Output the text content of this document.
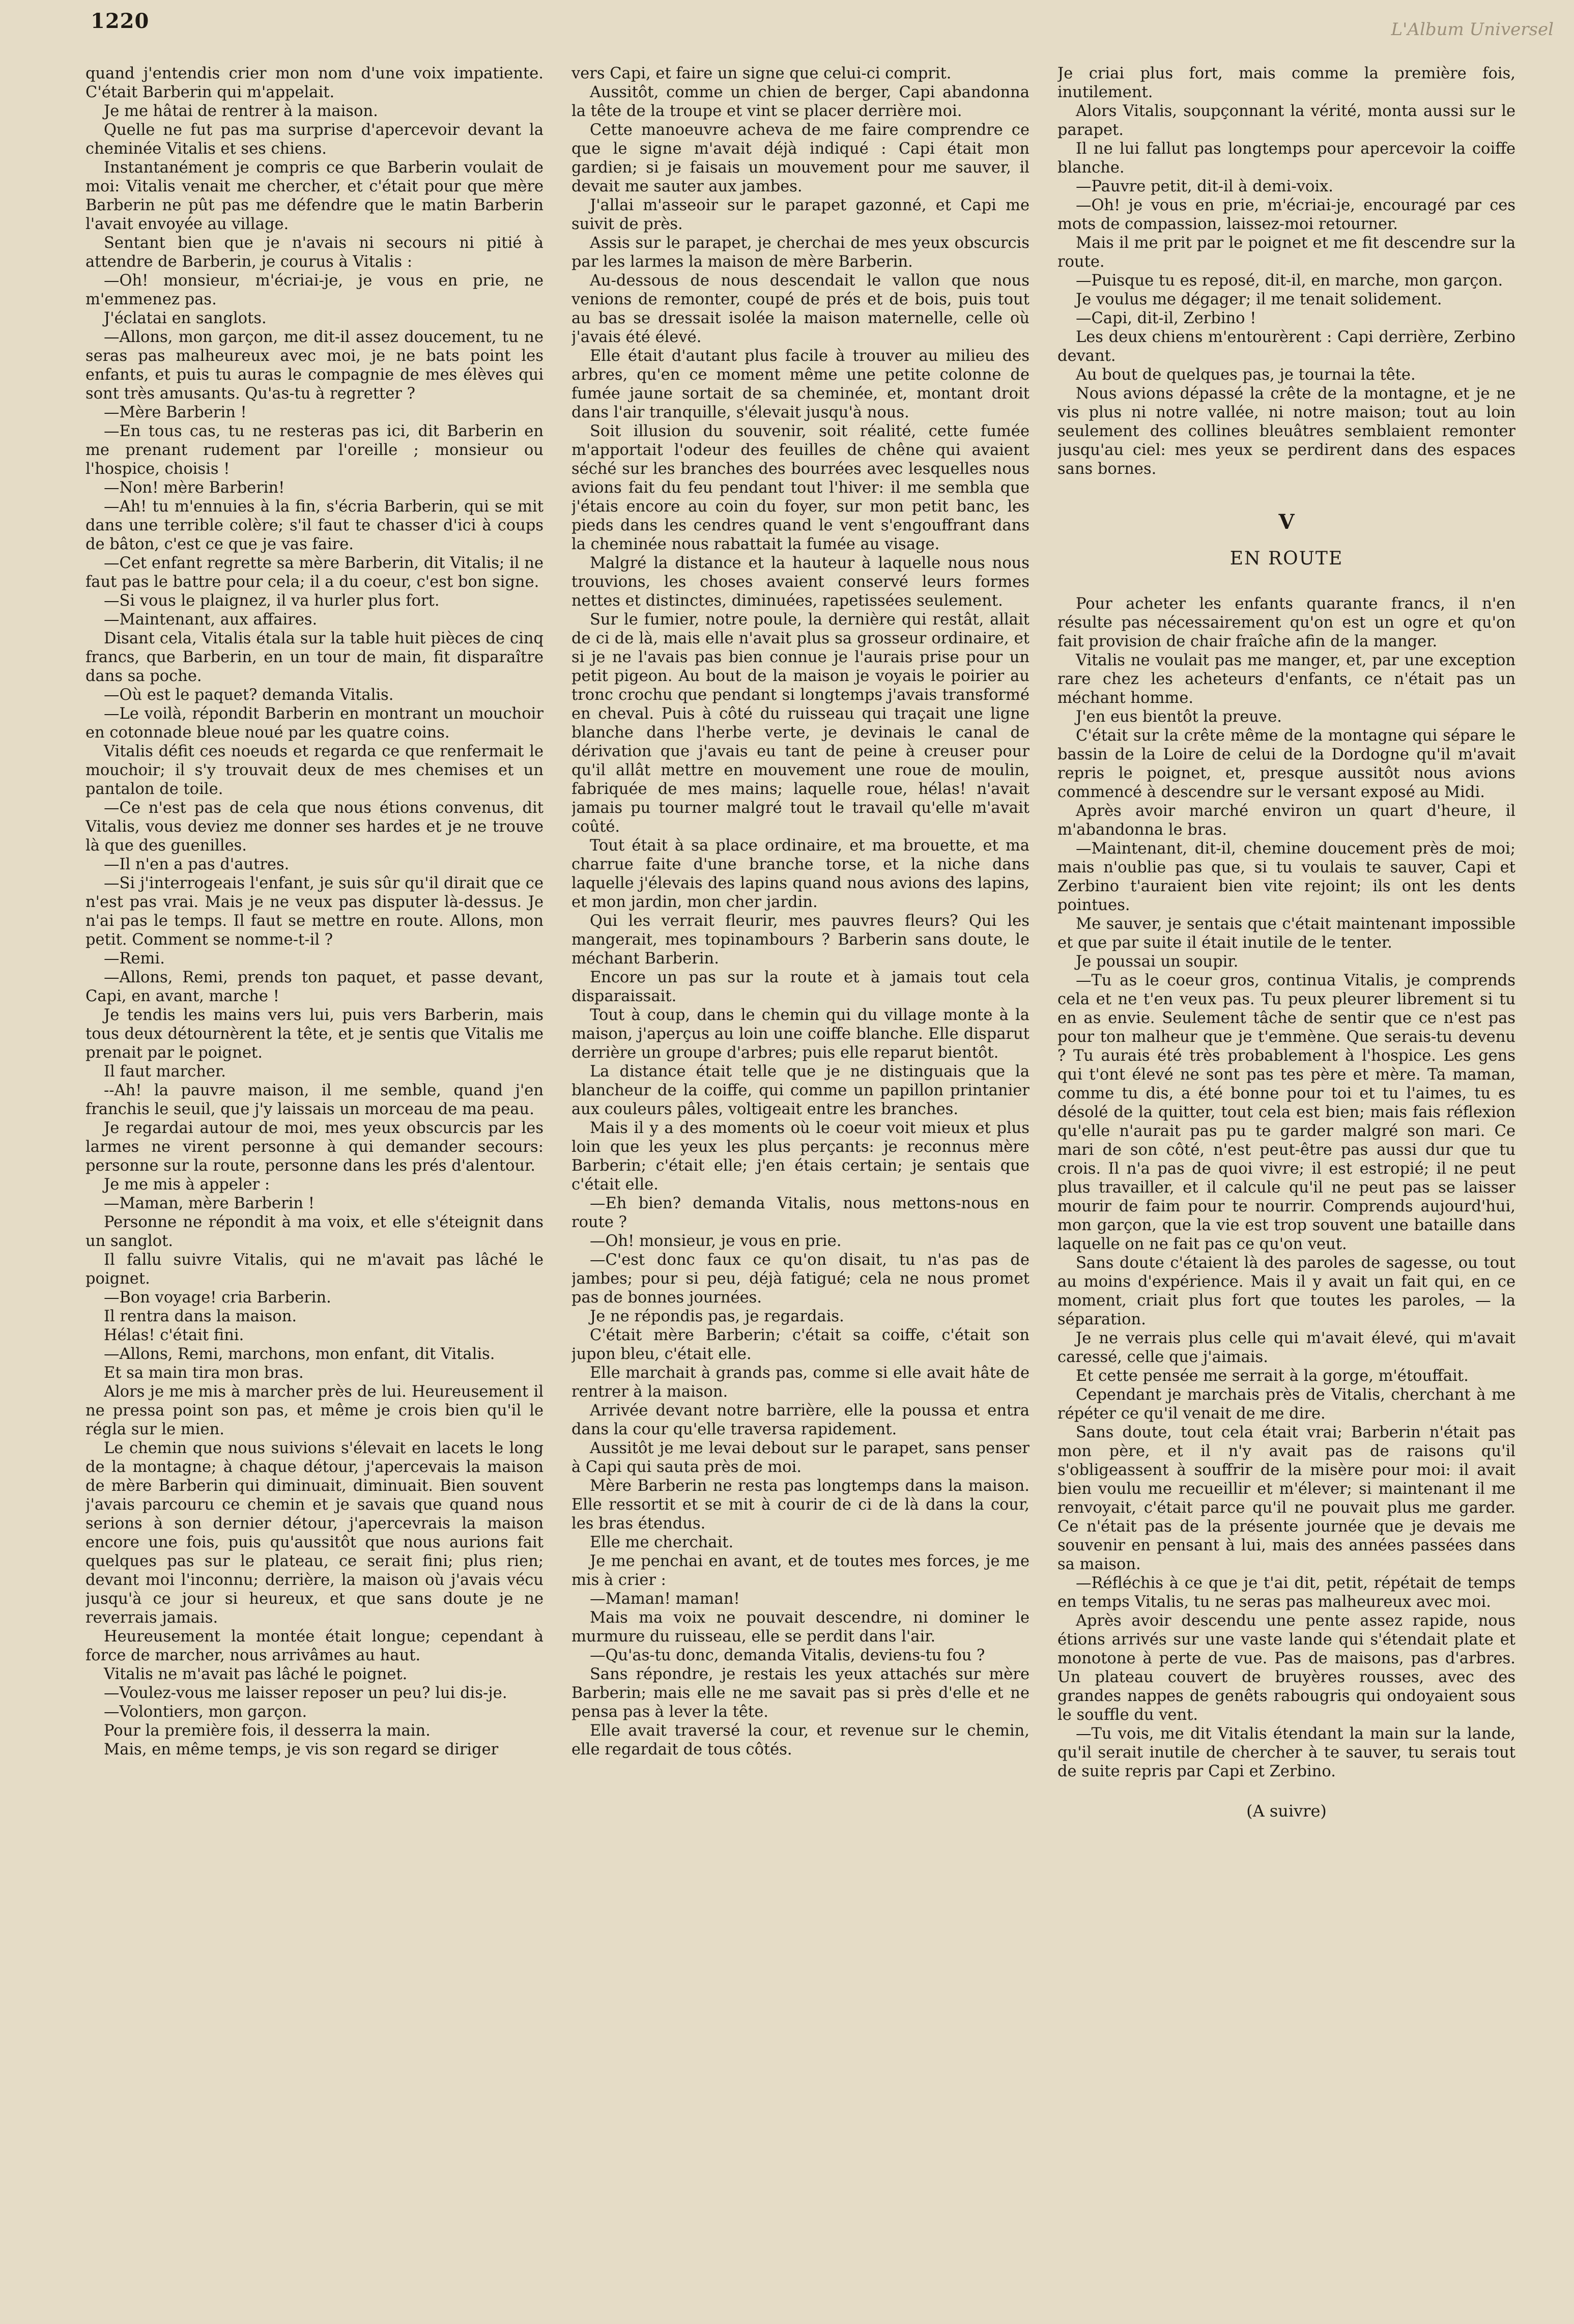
1220	L'Album Universel

quand j'entendis crier mon nom d'une voix impatiente. C'était Barberin qui m'appelait.

Je me hâtai de rentrer à la maison.

Quelle ne fut pas ma surprise d'apercevoir devant la cheminée Vitalis et ses chiens.

Instantanément je compris ce que Barberin voulait de moi: Vitalis venait me chercher, et c'était pour que mère Barberin ne pût pas me défendre que le matin Barberin l'avait envoyée au village.

Sentant bien que je n'avais ni secours ni pitié à attendre de Barberin, je courus à Vitalis :

—Oh! monsieur, m'écriai-je, je vous en prie, ne m'emmenez pas.

J'éclatai en sanglots.

—Allons, mon garçon, me dit-il assez doucement, tu ne seras pas malheureux avec moi, je ne bats point les enfants, et puis tu auras le compagnie de mes élèves qui sont très amusants. Qu'as-tu à regretter ?

—Mère Barberin !

—En tous cas, tu ne resteras pas ici, dit Barberin en me prenant rudement par l'oreille ; monsieur ou l'hospice, choisis !

—Non! mère Barberin!

—Ah! tu m'ennuies à la fin, s'écria Barberin, qui se mit dans une terrible colère; s'il faut te chasser d'ici à coups de bâton, c'est ce que je vas faire.

—Cet enfant regrette sa mère Barberin, dit Vitalis; il ne faut pas le battre pour cela; il a du coeur, c'est bon signe.

—Si vous le plaignez, il va hurler plus fort.

—Maintenant, aux affaires.

Disant cela, Vitalis étala sur la table huit pièces de cinq francs, que Barberin, en un tour de main, fit disparaître dans sa poche.

—Où est le paquet? demanda Vitalis.

—Le voilà, répondit Barberin en montrant un mouchoir en cotonnade bleue noué par les quatre coins.

Vitalis défit ces noeuds et regarda ce que renfermait le mouchoir; il s'y trouvait deux de mes chemises et un pantalon de toile.

—Ce n'est pas de cela que nous étions convenus, dit Vitalis, vous deviez me donner ses hardes et je ne trouve là que des guenilles.

—Il n'en a pas d'autres.

—Si j'interrogeais l'enfant, je suis sûr qu'il dirait que ce n'est pas vrai. Mais je ne veux pas disputer là-dessus. Je n'ai pas le temps. Il faut se mettre en route. Allons, mon petit. Comment se nomme-t-il ?

—Remi.

—Allons, Remi, prends ton paquet, et passe devant, Capi, en avant, marche !

Je tendis les mains vers lui, puis vers Barberin, mais tous deux détournèrent la tête, et je sentis que Vitalis me prenait par le poignet.

Il faut marcher.

--Ah! la pauvre maison, il me semble, quand j'en franchis le seuil, que j'y laissais un morceau de ma peau.

Je regardai autour de moi, mes yeux obscurcis par les larmes ne virent personne à qui demander secours: personne sur la route, personne dans les prés d'alentour.

Je me mis à appeler :

—Maman, mère Barberin !

Personne ne répondit à ma voix, et elle s'éteignit dans un sanglot.

Il fallu suivre Vitalis, qui ne m'avait pas lâché le poignet.

—Bon voyage! cria Barberin.

Il rentra dans la maison.

Hélas! c'était fini.

—Allons, Remi, marchons, mon enfant, dit Vitalis.

Et sa main tira mon bras.

Alors je me mis à marcher près de lui. Heureusement il ne pressa point son pas, et même je crois bien qu'il le régla sur le mien.

Le chemin que nous suivions s'élevait en lacets le long de la montagne; à chaque détour, j'apercevais la maison de mère Barberin qui diminuait, diminuait. Bien souvent j'avais parcouru ce chemin et je savais que quand nous serions à son dernier détour, j'apercevrais la maison encore une fois, puis qu'aussitôt que nous aurions fait quelques pas sur le plateau, ce serait fini; plus rien; devant moi l'inconnu; derrière, la maison où j'avais vécu jusqu'à ce jour si heureux, et que sans doute je ne reverrais jamais.

Heureusement la montée était longue; cependant à force de marcher, nous arrivâmes au haut.

Vitalis ne m'avait pas lâché le poignet.

—Voulez-vous me laisser reposer un peu? lui dis-je.

—Volontiers, mon garçon.

Pour la première fois, il desserra la main.

Mais, en même temps, je vis son regard se diriger

vers Capi, et faire un signe que celui-ci comprit.

Aussitôt, comme un chien de berger, Capi abandonna la tête de la troupe et vint se placer derrière moi.

Cette manoeuvre acheva de me faire comprendre ce que le signe m'avait déjà indiqué : Capi était mon gardien; si je faisais un mouvement pour me sauver, il devait me sauter aux jambes.

J'allai m'asseoir sur le parapet gazonné, et Capi me suivit de près.

Assis sur le parapet, je cherchai de mes yeux obscurcis par les larmes la maison de mère Barberin.

Au-dessous de nous descendait le vallon que nous venions de remonter, coupé de prés et de bois, puis tout au bas se dressait isolée la maison maternelle, celle où j'avais été élevé.

Elle était d'autant plus facile à trouver au milieu des arbres, qu'en ce moment même une petite colonne de fumée jaune sortait de sa cheminée, et, montant droit dans l'air tranquille, s'élevait jusqu'à nous.

Soit illusion du souvenir, soit réalité, cette fumée m'apportait l'odeur des feuilles de chêne qui avaient séché sur les branches des bourrées avec lesquelles nous avions fait du feu pendant tout l'hiver: il me sembla que j'étais encore au coin du foyer, sur mon petit banc, les pieds dans les cendres quand le vent s'engouffrant dans la cheminée nous rabattait la fumée au visage.

Malgré la distance et la hauteur à laquelle nous nous trouvions, les choses avaient conservé leurs formes nettes et distinctes, diminuées, rapetissées seulement.

Sur le fumier, notre poule, la dernière qui restât, allait de ci de là, mais elle n'avait plus sa grosseur ordinaire, et si je ne l'avais pas bien connue je l'aurais prise pour un petit pigeon. Au bout de la maison je voyais le poirier au tronc crochu que pendant si longtemps j'avais transformé en cheval. Puis à côté du ruisseau qui traçait une ligne blanche dans l'herbe verte, je devinais le canal de dérivation que j'avais eu tant de peine à creuser pour qu'il allât mettre en mouvement une roue de moulin, fabriquée de mes mains; laquelle roue, hélas! n'avait jamais pu tourner malgré tout le travail qu'elle m'avait coûté.

Tout était à sa place ordinaire, et ma brouette, et ma charrue faite d'une branche torse, et la niche dans laquelle j'élevais des lapins quand nous avions des lapins, et mon jardin, mon cher jardin.

Qui les verrait fleurir, mes pauvres fleurs? Qui les mangerait, mes topinambours ? Barberin sans doute, le méchant Barberin.

Encore un pas sur la route et à jamais tout cela disparaissait.

Tout à coup, dans le chemin qui du village monte à la maison, j'aperçus au loin une coiffe blanche. Elle disparut derrière un groupe d'arbres; puis elle reparut bientôt.

La distance était telle que je ne distinguais que la blancheur de la coiffe, qui comme un papillon printanier aux couleurs pâles, voltigeait entre les branches.

Mais il y a des moments où le coeur voit mieux et plus loin que les yeux les plus perçants: je reconnus mère Barberin; c'était elle; j'en étais certain; je sentais que c'était elle.

—Eh bien? demanda Vitalis, nous mettons-nous en route ?

—Oh! monsieur, je vous en prie.

—C'est donc faux ce qu'on disait, tu n'as pas de jambes; pour si peu, déjà fatigué; cela ne nous promet pas de bonnes journées.

Je ne répondis pas, je regardais.

C'était mère Barberin; c'était sa coiffe, c'était son jupon bleu, c'était elle.

Elle marchait à grands pas, comme si elle avait hâte de rentrer à la maison.

Arrivée devant notre barrière, elle la poussa et entra dans la cour qu'elle traversa rapidement.

Aussitôt je me levai debout sur le parapet, sans penser à Capi qui sauta près de moi.

Mère Barberin ne resta pas longtemps dans la maison. Elle ressortit et se mit à courir de ci de là dans la cour, les bras étendus.

Elle me cherchait.

Je me penchai en avant, et de toutes mes forces, je me mis à crier :

—Maman! maman!

Mais ma voix ne pouvait descendre, ni dominer le murmure du ruisseau, elle se perdit dans l'air.

—Qu'as-tu donc, demanda Vitalis, deviens-tu fou ?

Sans répondre, je restais les yeux attachés sur mère Barberin; mais elle ne me savait pas si près d'elle et ne pensa pas à lever la tête.

Elle avait traversé la cour, et revenue sur le chemin, elle regardait de tous côtés.

Je criai plus fort, mais comme la première fois, inutilement.

Alors Vitalis, soupçonnant la vérité, monta aussi sur le parapet.

Il ne lui fallut pas longtemps pour apercevoir la coiffe blanche.

—Pauvre petit, dit-il à demi-voix.

—Oh! je vous en prie, m'écriai-je, encouragé par ces mots de compassion, laissez-moi retourner.

Mais il me prit par le poignet et me fit descendre sur la route.

—Puisque tu es reposé, dit-il, en marche, mon garçon.

Je voulus me dégager; il me tenait solidement.

—Capi, dit-il, Zerbino !

Les deux chiens m'entourèrent : Capi derrière, Zerbino devant.

Au bout de quelques pas, je tournai la tête.

Nous avions dépassé la crête de la montagne, et je ne vis plus ni notre vallée, ni notre maison; tout au loin seulement des collines bleuâtres semblaient remonter jusqu'au ciel: mes yeux se perdirent dans des espaces sans bornes.

V
EN ROUTE

Pour acheter les enfants quarante francs, il n'en résulte pas nécessairement qu'on est un ogre et qu'on fait provision de chair fraîche afin de la manger.

Vitalis ne voulait pas me manger, et, par une exception rare chez les acheteurs d'enfants, ce n'était pas un méchant homme.

J'en eus bientôt la preuve.

C'était sur la crête même de la montagne qui sépare le bassin de la Loire de celui de la Dordogne qu'il m'avait repris le poignet, et, presque aussitôt nous avions commencé à descendre sur le versant exposé au Midi.

Après avoir marché environ un quart d'heure, il m'abandonna le bras.

—Maintenant, dit-il, chemine doucement près de moi; mais n'oublie pas que, si tu voulais te sauver, Capi et Zerbino t'auraient bien vite rejoint; ils ont les dents pointues.

Me sauver, je sentais que c'était maintenant impossible et que par suite il était inutile de le tenter.

Je poussai un soupir.

—Tu as le coeur gros, continua Vitalis, je comprends cela et ne t'en veux pas. Tu peux pleurer librement si tu en as envie. Seulement tâche de sentir que ce n'est pas pour ton malheur que je t'emmène. Que serais-tu devenu ? Tu aurais été très probablement à l'hospice. Les gens qui t'ont élevé ne sont pas tes père et mère. Ta maman, comme tu dis, a été bonne pour toi et tu l'aimes, tu es désolé de la quitter, tout cela est bien; mais fais réflexion qu'elle n'aurait pas pu te garder malgré son mari. Ce mari de son côté, n'est peut-être pas aussi dur que tu crois. Il n'a pas de quoi vivre; il est estropié; il ne peut plus travailler, et il calcule qu'il ne peut pas se laisser mourir de faim pour te nourrir. Comprends aujourd'hui, mon garçon, que la vie est trop souvent une bataille dans laquelle on ne fait pas ce qu'on veut.

Sans doute c'étaient là des paroles de sagesse, ou tout au moins d'expérience. Mais il y avait un fait qui, en ce moment, criait plus fort que toutes les paroles, — la séparation.

Je ne verrais plus celle qui m'avait élevé, qui m'avait caressé, celle que j'aimais.

Et cette pensée me serrait à la gorge, m'étouffait.

Cependant je marchais près de Vitalis, cherchant à me répéter ce qu'il venait de me dire.

Sans doute, tout cela était vrai; Barberin n'était pas mon père, et il n'y avait pas de raisons qu'il s'obligeassent à souffrir de la misère pour moi: il avait bien voulu me recueillir et m'élever; si maintenant il me renvoyait, c'était parce qu'il ne pouvait plus me garder. Ce n'était pas de la présente journée que je devais me souvenir en pensant à lui, mais des années passées dans sa maison.

—Réfléchis à ce que je t'ai dit, petit, répétait de temps en temps Vitalis, tu ne seras pas malheureux avec moi.

Après avoir descendu une pente assez rapide, nous étions arrivés sur une vaste lande qui s'étendait plate et monotone à perte de vue. Pas de maisons, pas d'arbres. Un plateau couvert de bruyères rousses, avec des grandes nappes de genêts rabougris qui ondoyaient sous le souffle du vent.

—Tu vois, me dit Vitalis étendant la main sur la lande, qu'il serait inutile de chercher à te sauver, tu serais tout de suite repris par Capi et Zerbino.

(A suivre)
